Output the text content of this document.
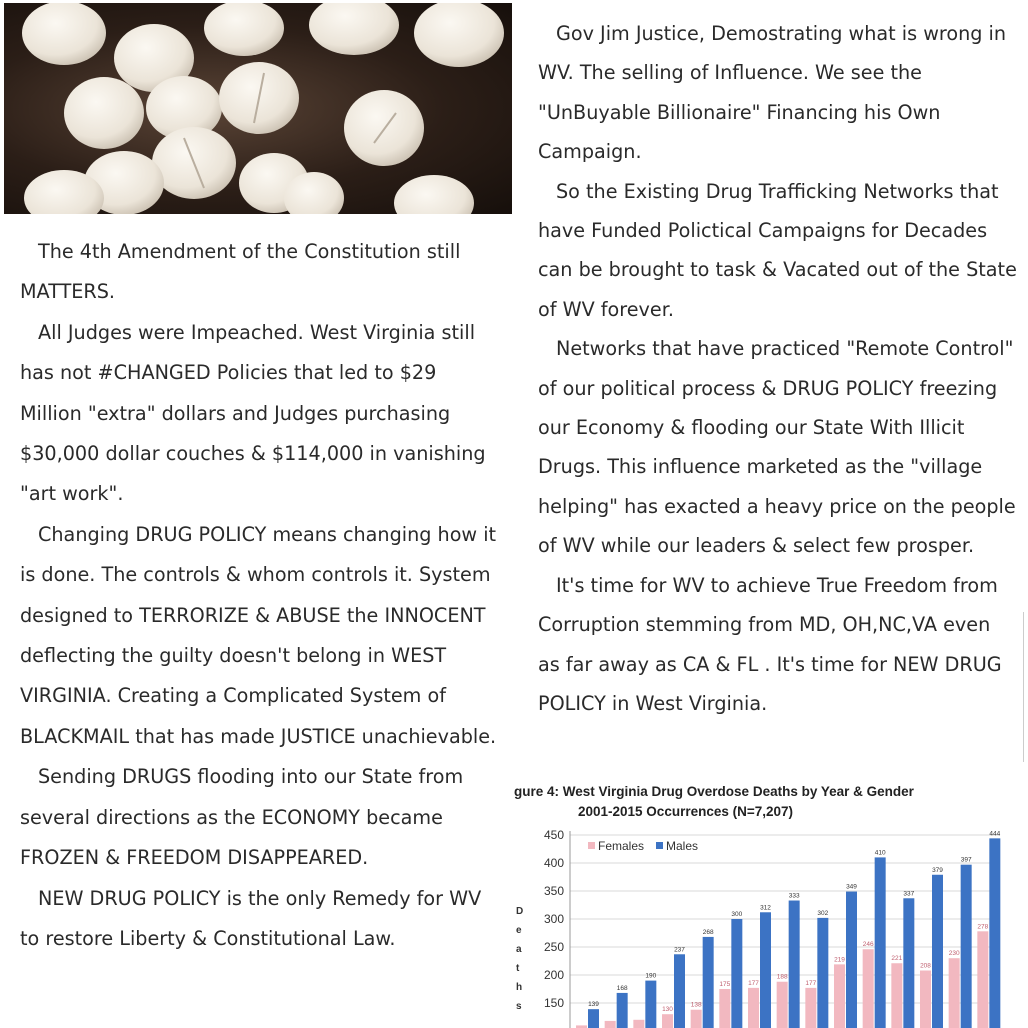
The 4th Amendment of the Constitution still MATTERS.

All Judges were Impeached. West Virginia still has not #CHANGED Policies that led to $29 Million "extra" dollars and Judges purchasing $30,000 dollar couches & $114,000 in vanishing "art work".

Changing DRUG POLICY means changing how it is done. The controls & whom controls it. System designed to TERRORIZE & ABUSE the INNOCENT deflecting the guilty doesn't belong in WEST VIRGINIA. Creating a Complicated System of BLACKMAIL that has made JUSTICE unachievable.

Sending DRUGS flooding into our State from several directions as the ECONOMY became FROZEN & FREEDOM DISAPPEARED.

NEW DRUG POLICY is the only Remedy for WV to restore Liberty & Constitutional Law.

Gov Jim Justice, Demostrating what is wrong in WV. The selling of Influence. We see the "UnBuyable Billionaire" Financing his Own Campaign.

So the Existing Drug Trafficking Networks that have Funded Polictical Campaigns for Decades can be brought to task & Vacated out of the State of WV forever.

Networks that have practiced "Remote Control" of our political process & DRUG POLICY freezing our Economy & flooding our State With Illicit Drugs. This influence marketed as the "village helping" has exacted a heavy price on the people of WV while our leaders & select few prosper.

It's time for WV to achieve True Freedom from Corruption stemming from MD, OH,NC,VA even as far away as CA & FL . It's time for NEW DRUG POLICY in West Virginia.

gure 4: West Virginia Drug Overdose Deaths by Year & Gender
2001-2015 Occurrences (N=7,207)
450
400
350
300
250
200
150
D
e
a
t
h
s
Females Males
139
168
190
130
237
138
268
175
300
177
312
188
333
177
302
219
349
246
410
221
337
208
379
230
397
278
444
